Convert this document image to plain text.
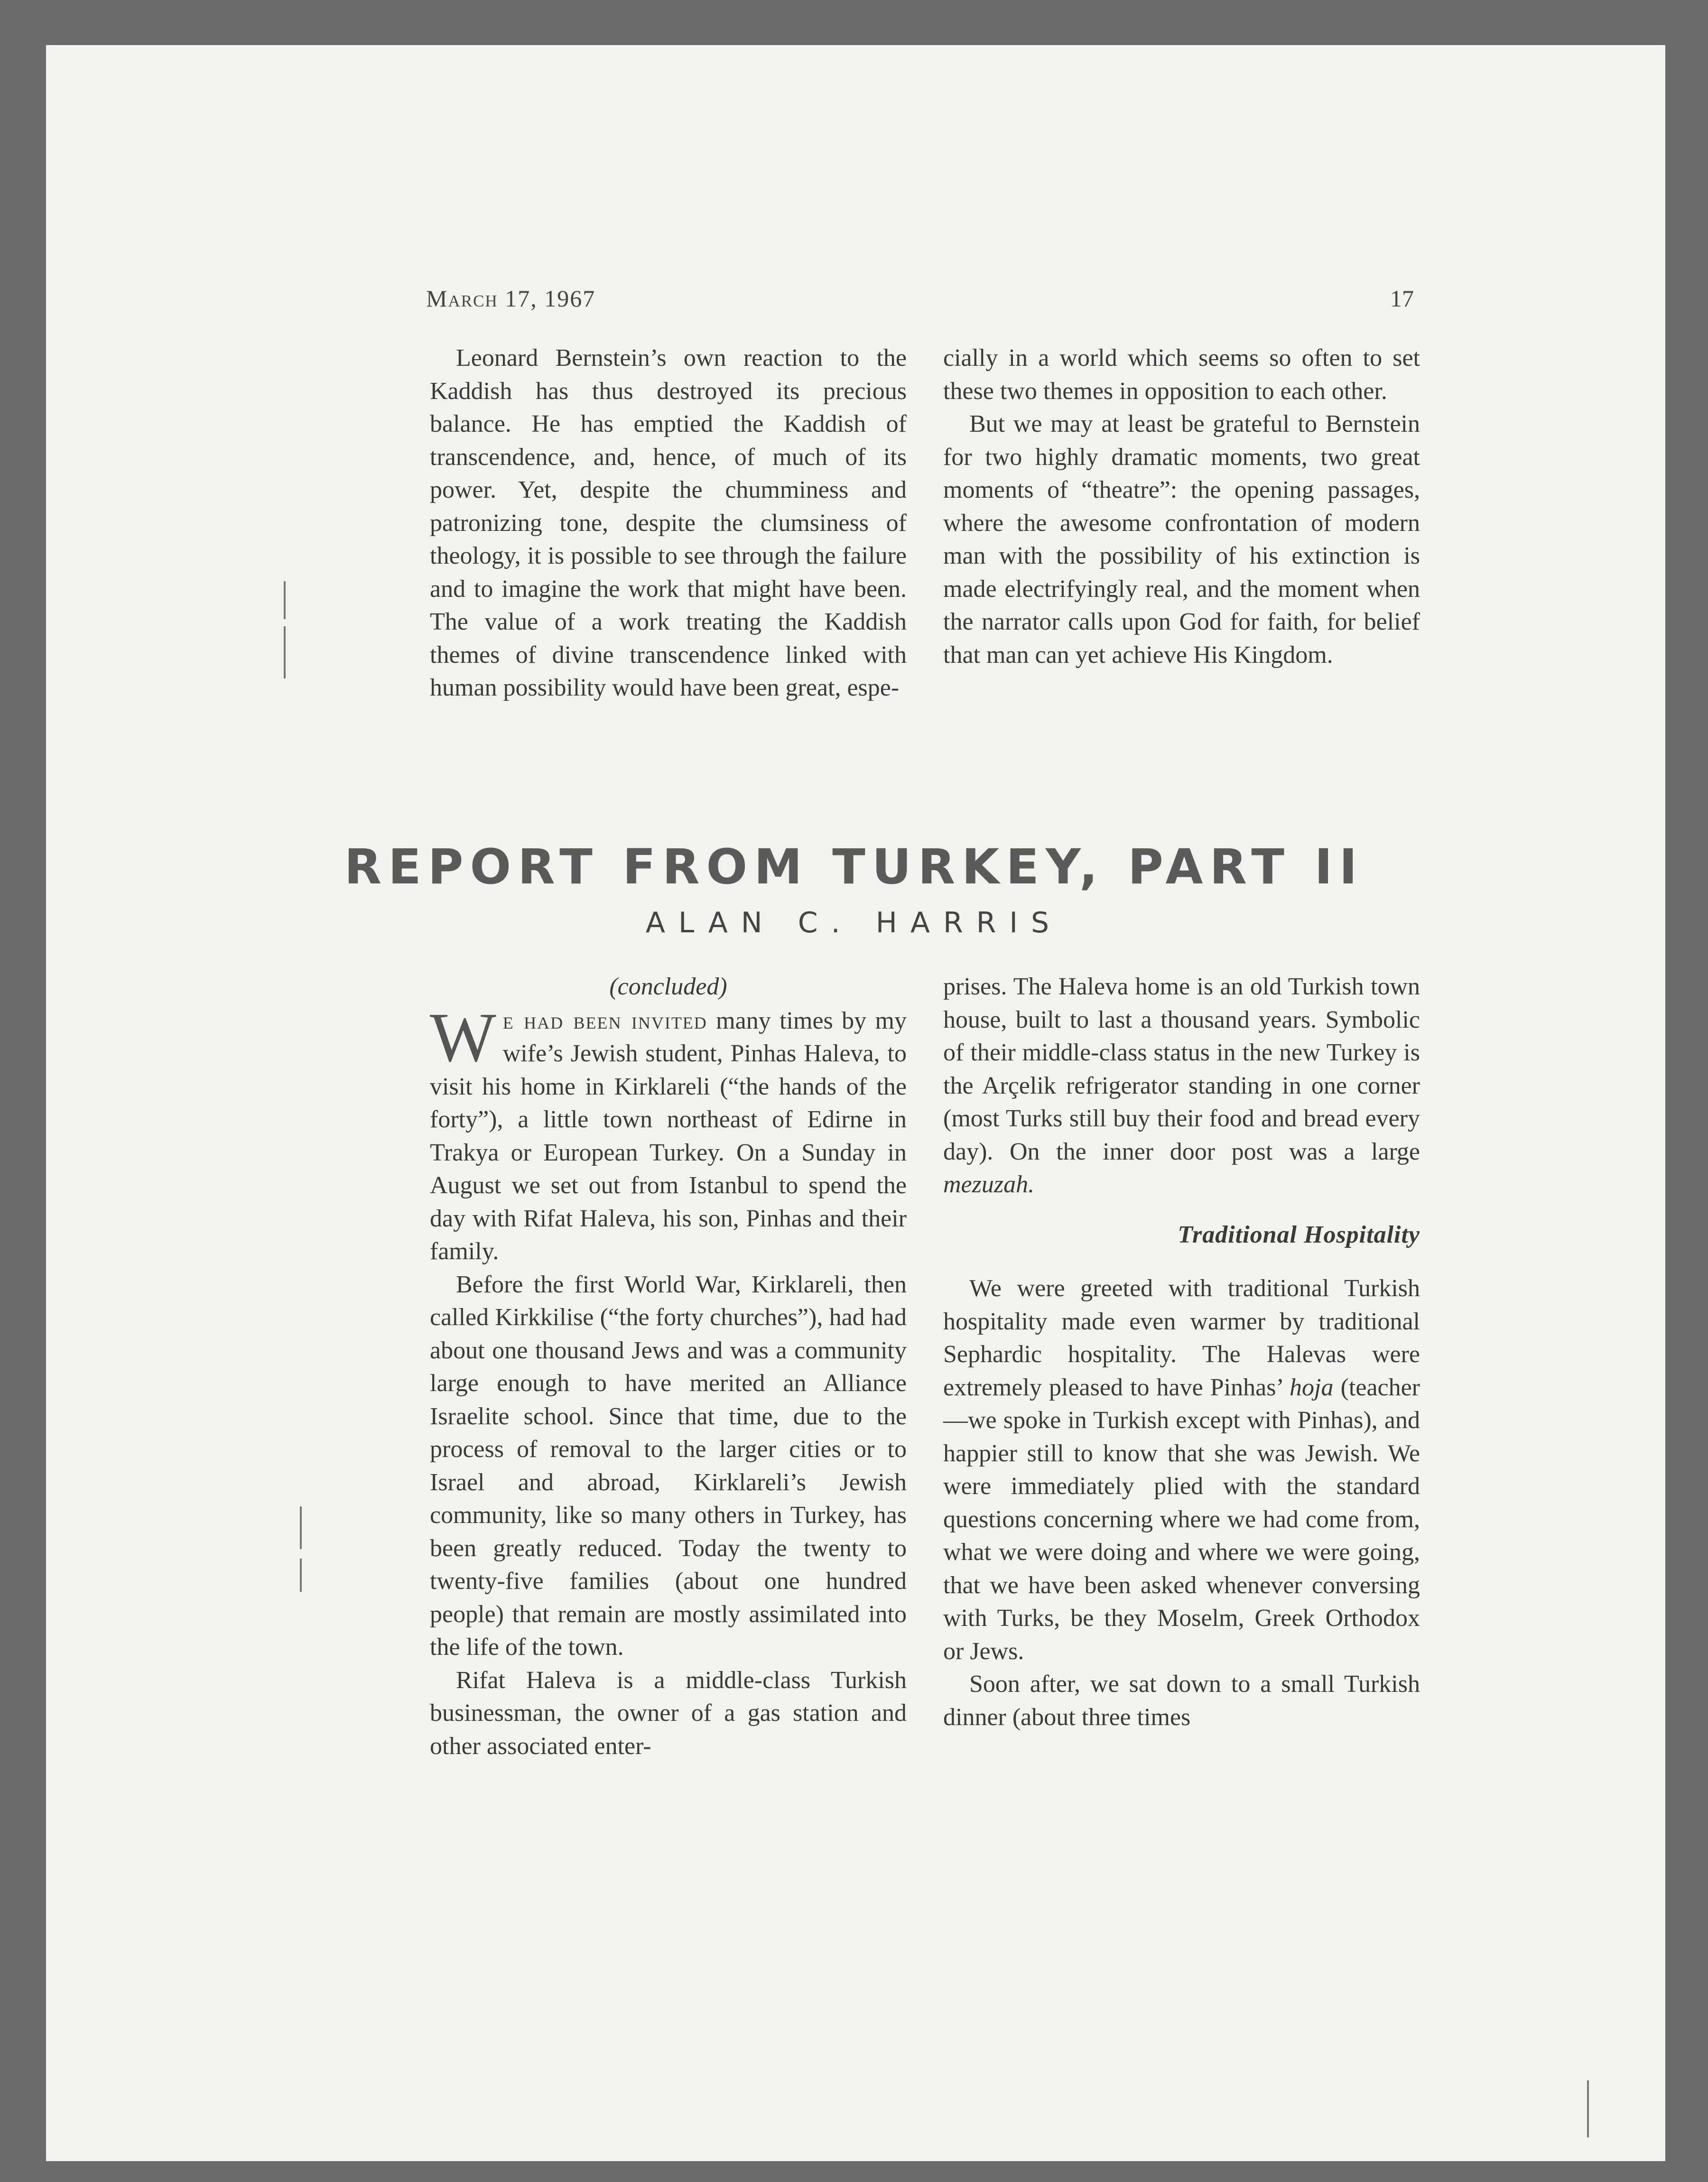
March 17, 1967	17

Leonard Bernstein’s own reaction to the Kaddish has thus destroyed its precious balance. He has emptied the Kaddish of transcendence, and, hence, of much of its power. Yet, despite the chumminess and patronizing tone, despite the clumsiness of theology, it is possible to see through the failure and to imagine the work that might have been. The value of a work treating the Kaddish themes of divine transcendence linked with human possibility would have been great, espe-

cially in a world which seems so often to set these two themes in opposition to each other.

But we may at least be grateful to Bernstein for two highly dramatic moments, two great moments of “theatre”: the opening passages, where the awesome confrontation of modern man with the possibility of his extinction is made electrifyingly real, and the moment when the narrator calls upon God for faith, for belief that man can yet achieve His Kingdom.

REPORT FROM TURKEY, PART II
ALAN C. HARRIS

(concluded)

We had been invited many times by my wife’s Jewish student, Pinhas Haleva, to visit his home in Kirklareli (“the hands of the forty”), a little town northeast of Edirne in Trakya or European Turkey. On a Sunday in August we set out from Istanbul to spend the day with Rifat Haleva, his son, Pinhas and their family.

Before the first World War, Kirklareli, then called Kirkkilise (“the forty churches”), had had about one thousand Jews and was a community large enough to have merited an Alliance Israelite school. Since that time, due to the process of removal to the larger cities or to Israel and abroad, Kirklareli’s Jewish community, like so many others in Turkey, has been greatly reduced. Today the twenty to twenty-five families (about one hundred people) that remain are mostly assimilated into the life of the town.

Rifat Haleva is a middle-class Turkish businessman, the owner of a gas station and other associated enter-

prises. The Haleva home is an old Turkish town house, built to last a thousand years. Symbolic of their middle-class status in the new Turkey is the Arçelik refrigerator standing in one corner (most Turks still buy their food and bread every day). On the inner door post was a large mezuzah.

Traditional Hospitality

We were greeted with traditional Turkish hospitality made even warmer by traditional Sephardic hospitality. The Halevas were extremely pleased to have Pinhas’ hoja (teacher—we spoke in Turkish except with Pinhas), and happier still to know that she was Jewish. We were immediately plied with the standard questions concerning where we had come from, what we were doing and where we were going, that we have been asked whenever conversing with Turks, be they Moselm, Greek Orthodox or Jews.

Soon after, we sat down to a small Turkish dinner (about three times
